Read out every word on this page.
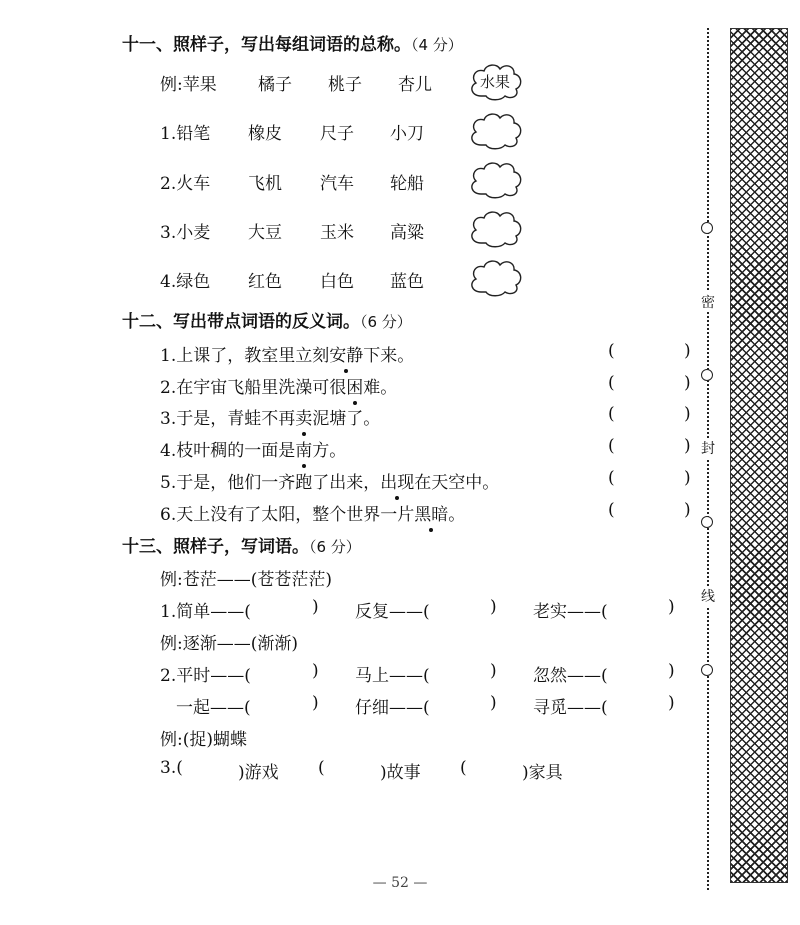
十一、照样子，写出每组词语的总称。（4 分）
例:苹果 橘子 桃子 杏儿
1.铅笔 橡皮 尺子 小刀
2.火车 飞机 汽车 轮船
3.小麦 大豆 玉米 高粱
4.绿色 红色 白色 蓝色
水果
十二、写出带点词语的反义词。（6 分）
1.上课了，教室里立刻安静下来。
2.在宇宙飞船里洗澡可很困难。
3.于是，青蛙不再卖泥塘了。
4.枝叶稠的一面是南方。
5.于是，他们一齐跑了出来，出现在天空中。
6.天上没有了太阳，整个世界一片黑暗。
(	)
(	)
(	)
(	)
(	)
(	)
十三、照样子，写词语。（6 分）
例:苍茫——(苍苍茫茫)
1.简单——(	) 反复——(	) 老实——(	)
例:逐渐——(渐渐)
2.平时——(	) 马上——(	) 忽然——(	)
一起——(	) 仔细——(	) 寻觅——(	)
例:(捉)蝴蝶
3.(	)游戏 (	)故事 (	)家具
密
封
线
— 52 —
